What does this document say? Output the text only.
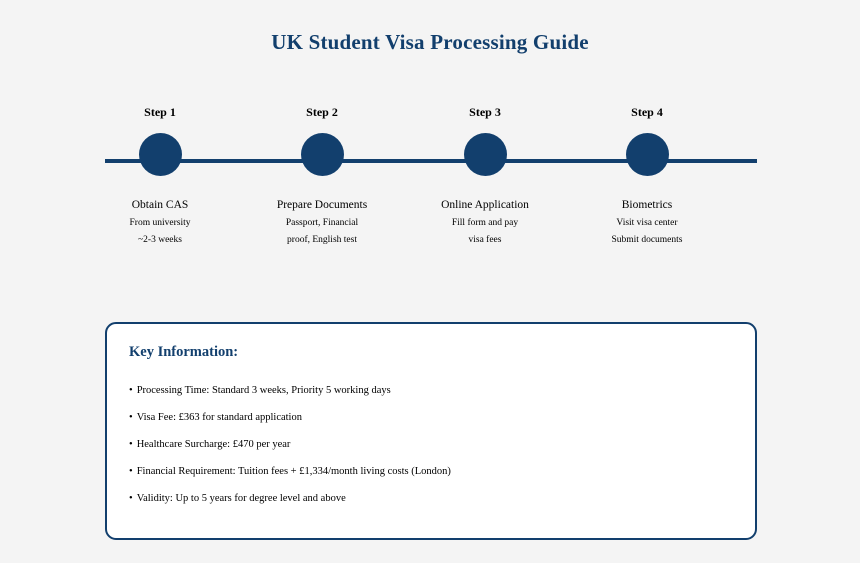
UK Student Visa Processing Guide
Step 1
Obtain CAS
From university
~2-3 weeks
Step 2
Prepare Documents
Passport, Financial
proof, English test
Step 3
Online Application
Fill form and pay
visa fees
Step 4
Biometrics
Visit visa center
Submit documents
Key Information:
• Processing Time: Standard 3 weeks, Priority 5 working days
• Visa Fee: £363 for standard application
• Healthcare Surcharge: £470 per year
• Financial Requirement: Tuition fees + £1,334/month living costs (London)
• Validity: Up to 5 years for degree level and above
